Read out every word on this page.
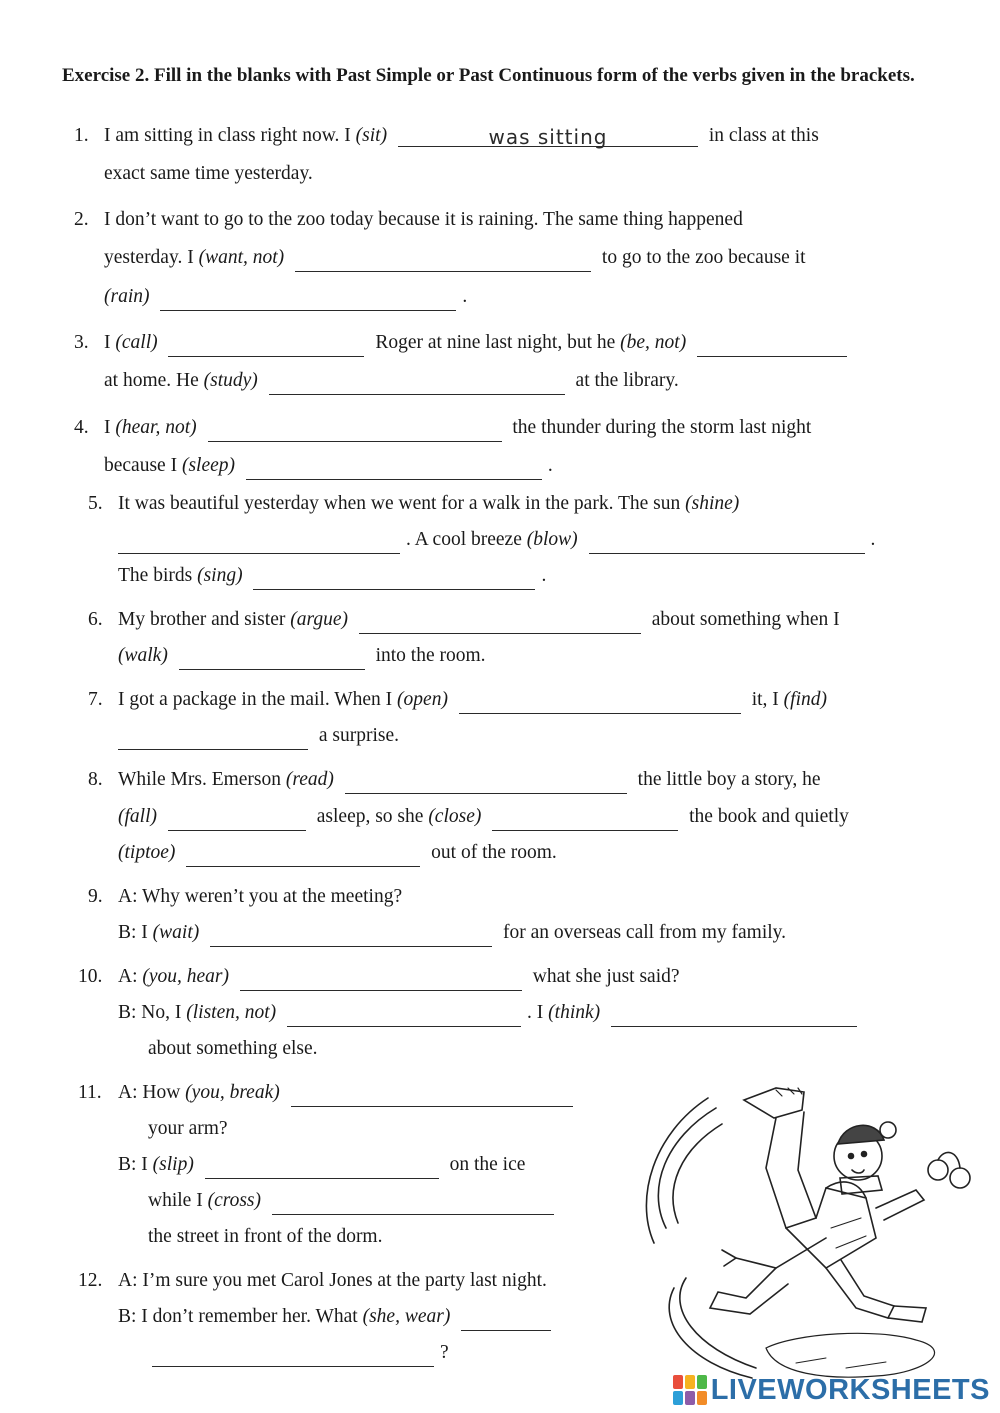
Exercise 2. Fill in the blanks with Past Simple or Past Continuous form of the verbs given in the brackets.
1. I am sitting in class right now. I (sit)	was sitting	in class at this
exact same time yesterday.
2. I don’t want to go to the zoo today because it is raining. The same thing happened
yesterday. I (want, not)	to go to the zoo because it
(rain)	.
3. I (call)	Roger at nine last night, but he (be, not)
at home. He (study)	at the library.
4. I (hear, not)	the thunder during the storm last night
because I (sleep)	.
5. It was beautiful yesterday when we went for a walk in the park. The sun (shine)
. A cool breeze (blow)	.
The birds (sing)	.
6. My brother and sister (argue)	about something when I
(walk)	into the room.
7. I got a package in the mail. When I (open)	it, I (find)
a surprise.
8. While Mrs. Emerson (read)	the little boy a story, he
(fall)	asleep, so she (close)	the book and quietly
(tiptoe)	out of the room.
9. A: Why weren’t you at the meeting?
B: I (wait)	for an overseas call from my family.
10. A: (you, hear)	what she just said?
B: No, I (listen, not)	. I (think)
about something else.
11. A: How (you, break)
your arm?
B: I (slip)	on the ice
while I (cross)
the street in front of the dorm.
12. A: I’m sure you met Carol Jones at the party last night.
B: I don’t remember her. What (she, wear)
?
LIVEWORKSHEETS
